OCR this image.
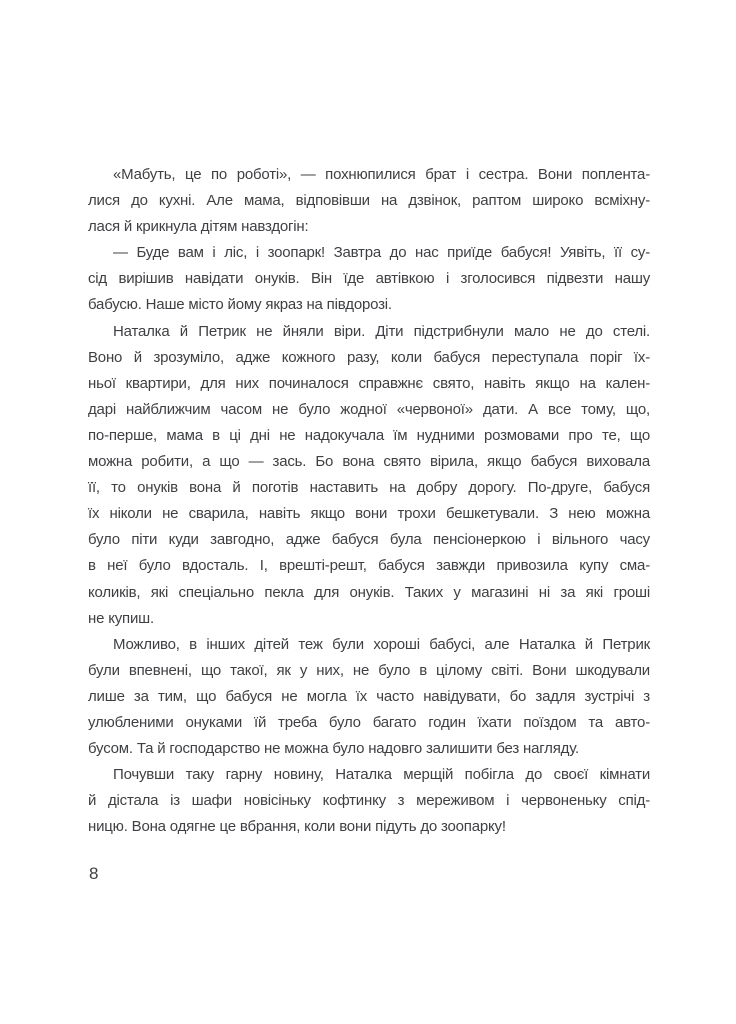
«Мабуть, це по роботі», — похнюпилися брат і сестра. Вони поплента-
лися до кухні. Але мама, відповівши на дзвінок, раптом широко всміхну-
лася й крикнула дітям навздогін:
— Буде вам і ліс, і зоопарк! Завтра до нас приїде бабуся! Уявіть, її су-
сід вирішив навідати онуків. Він їде автівкою і зголосився підвезти нашу
бабусю. Наше місто йому якраз на півдорозі.
Наталка й Петрик не йняли віри. Діти підстрибнули мало не до стелі.
Воно й зрозуміло, адже кожного разу, коли бабуся переступала поріг їх-
ньої квартири, для них починалося справжнє свято, навіть якщо на кален-
дарі найближчим часом не було жодної «червоної» дати. А все тому, що,
по-перше, мама в ці дні не надокучала їм нудними розмовами про те, що
можна робити, а що — зась. Бо вона свято вірила, якщо бабуся виховала
її, то онуків вона й поготів наставить на добру дорогу. По-друге, бабуся
їх ніколи не сварила, навіть якщо вони трохи бешкетували. З нею можна
було піти куди завгодно, адже бабуся була пенсіонеркою і вільного часу
в неї було вдосталь. І, врешті-решт, бабуся завжди привозила купу сма-
коликів, які спеціально пекла для онуків. Таких у магазині ні за які гроші
не купиш.
Можливо, в інших дітей теж були хороші бабусі, але Наталка й Петрик
були впевнені, що такої, як у них, не було в цілому світі. Вони шкодували
лише за тим, що бабуся не могла їх часто навідувати, бо задля зустрічі з
улюбленими онуками їй треба було багато годин їхати поїздом та авто-
бусом. Та й господарство не можна було надовго залишити без нагляду.
Почувши таку гарну новину, Наталка мерщій побігла до своєї кімнати
й дістала із шафи новісіньку кофтинку з мереживом і червоненьку спід-
ницю. Вона одягне це вбрання, коли вони підуть до зоопарку!
8
